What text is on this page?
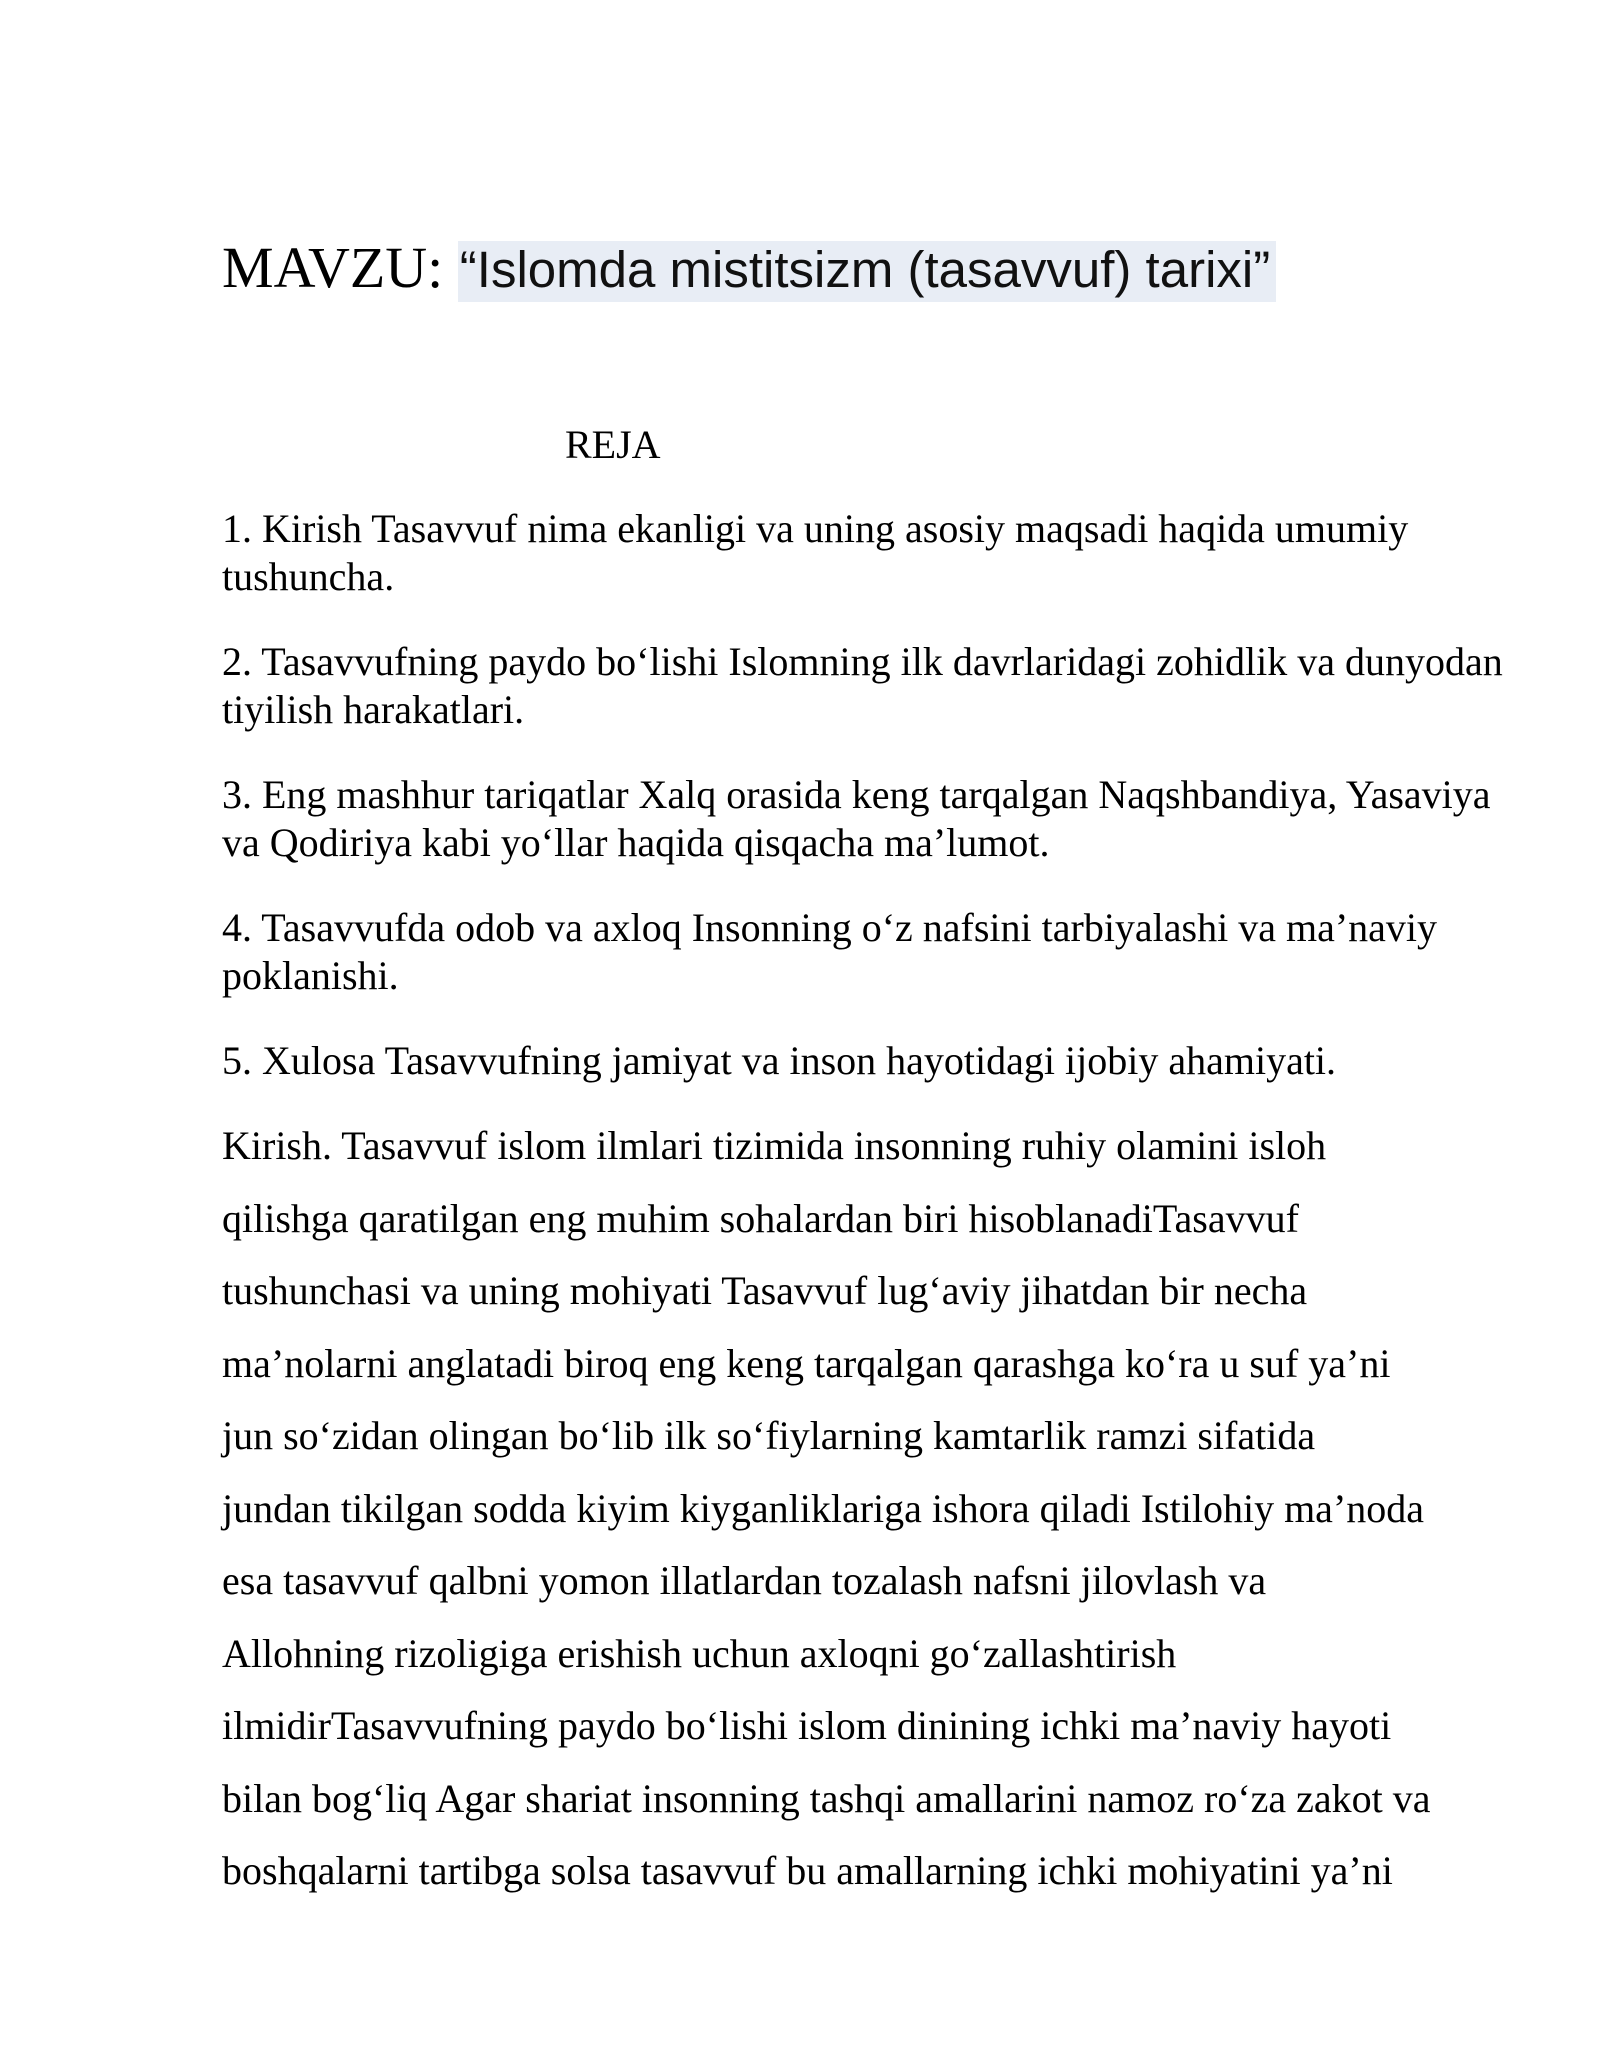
MAVZU: “Islomda mistitsizm (tasavvuf) tarixi”
REJA
1. Kirish Tasavvuf nima ekanligi va uning asosiy maqsadi haqida umumiy tushuncha.
2. Tasavvufning paydo bo‘lishi Islomning ilk davrlaridagi zohidlik va dunyodan tiyilish harakatlari.
3. Eng mashhur tariqatlar Xalq orasida keng tarqalgan Naqshbandiya, Yasaviya va Qodiriya kabi yo‘llar haqida qisqacha ma’lumot.
4. Tasavvufda odob va axloq Insonning o‘z nafsini tarbiyalashi va ma’naviy poklanishi.
5. Xulosa Tasavvufning jamiyat va inson hayotidagi ijobiy ahamiyati.
Kirish. Tasavvuf islom ilmlari tizimida insonning ruhiy olamini isloh
qilishga qaratilgan eng muhim sohalardan biri hisoblanadiTasavvuf
tushunchasi va uning mohiyati Tasavvuf lug‘aviy jihatdan bir necha
ma’nolarni anglatadi biroq eng keng tarqalgan qarashga ko‘ra u suf ya’ni
jun so‘zidan olingan bo‘lib ilk so‘fiylarning kamtarlik ramzi sifatida
jundan tikilgan sodda kiyim kiyganliklariga ishora qiladi Istilohiy ma’noda
esa tasavvuf qalbni yomon illatlardan tozalash nafsni jilovlash va
Allohning rizoligiga erishish uchun axloqni go‘zallashtirish
ilmidirTasavvufning paydo bo‘lishi islom dinining ichki ma’naviy hayoti
bilan bog‘liq Agar shariat insonning tashqi amallarini namoz ro‘za zakot va
boshqalarni tartibga solsa tasavvuf bu amallarning ichki mohiyatini ya’ni
